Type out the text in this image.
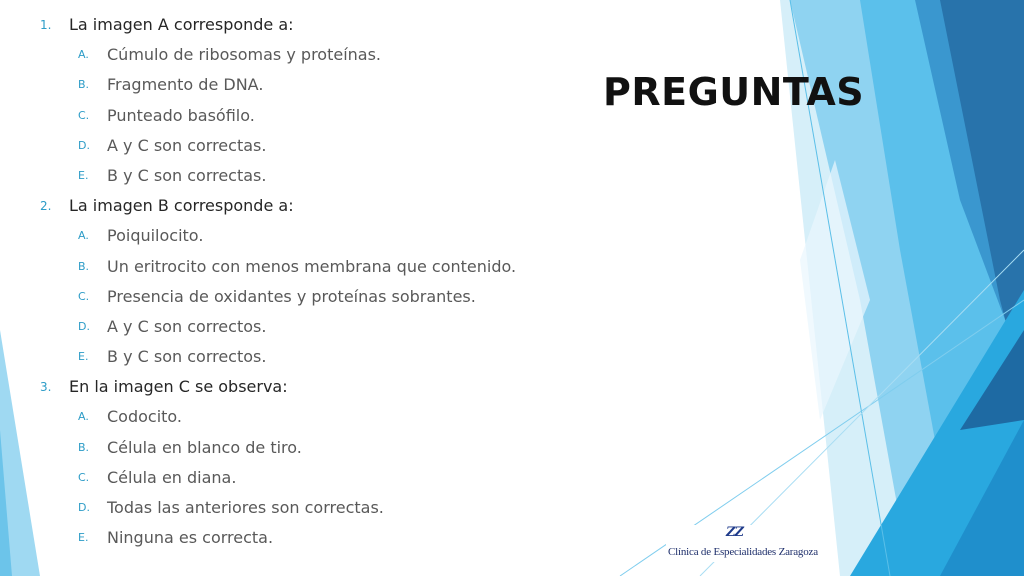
PREGUNTAS
1. La imagen A corresponde a:
A. Cúmulo de ribosomas y proteínas.
B. Fragmento de DNA.
C. Punteado basófilo.
D. A y C son correctas.
E. B y C son correctas.
2. La imagen B corresponde a:
A. Poiquilocito.
B. Un eritrocito con menos membrana que contenido.
C. Presencia de oxidantes y proteínas sobrantes.
D. A y C son correctos.
E. B y C son correctos.
3. En la imagen C se observa:
A. Codocito.
B. Célula en blanco de tiro.
C. Célula en diana.
D. Todas las anteriores son correctas.
E. Ninguna es correcta.	ZZ
Clínica de Especialidades Zaragoza
